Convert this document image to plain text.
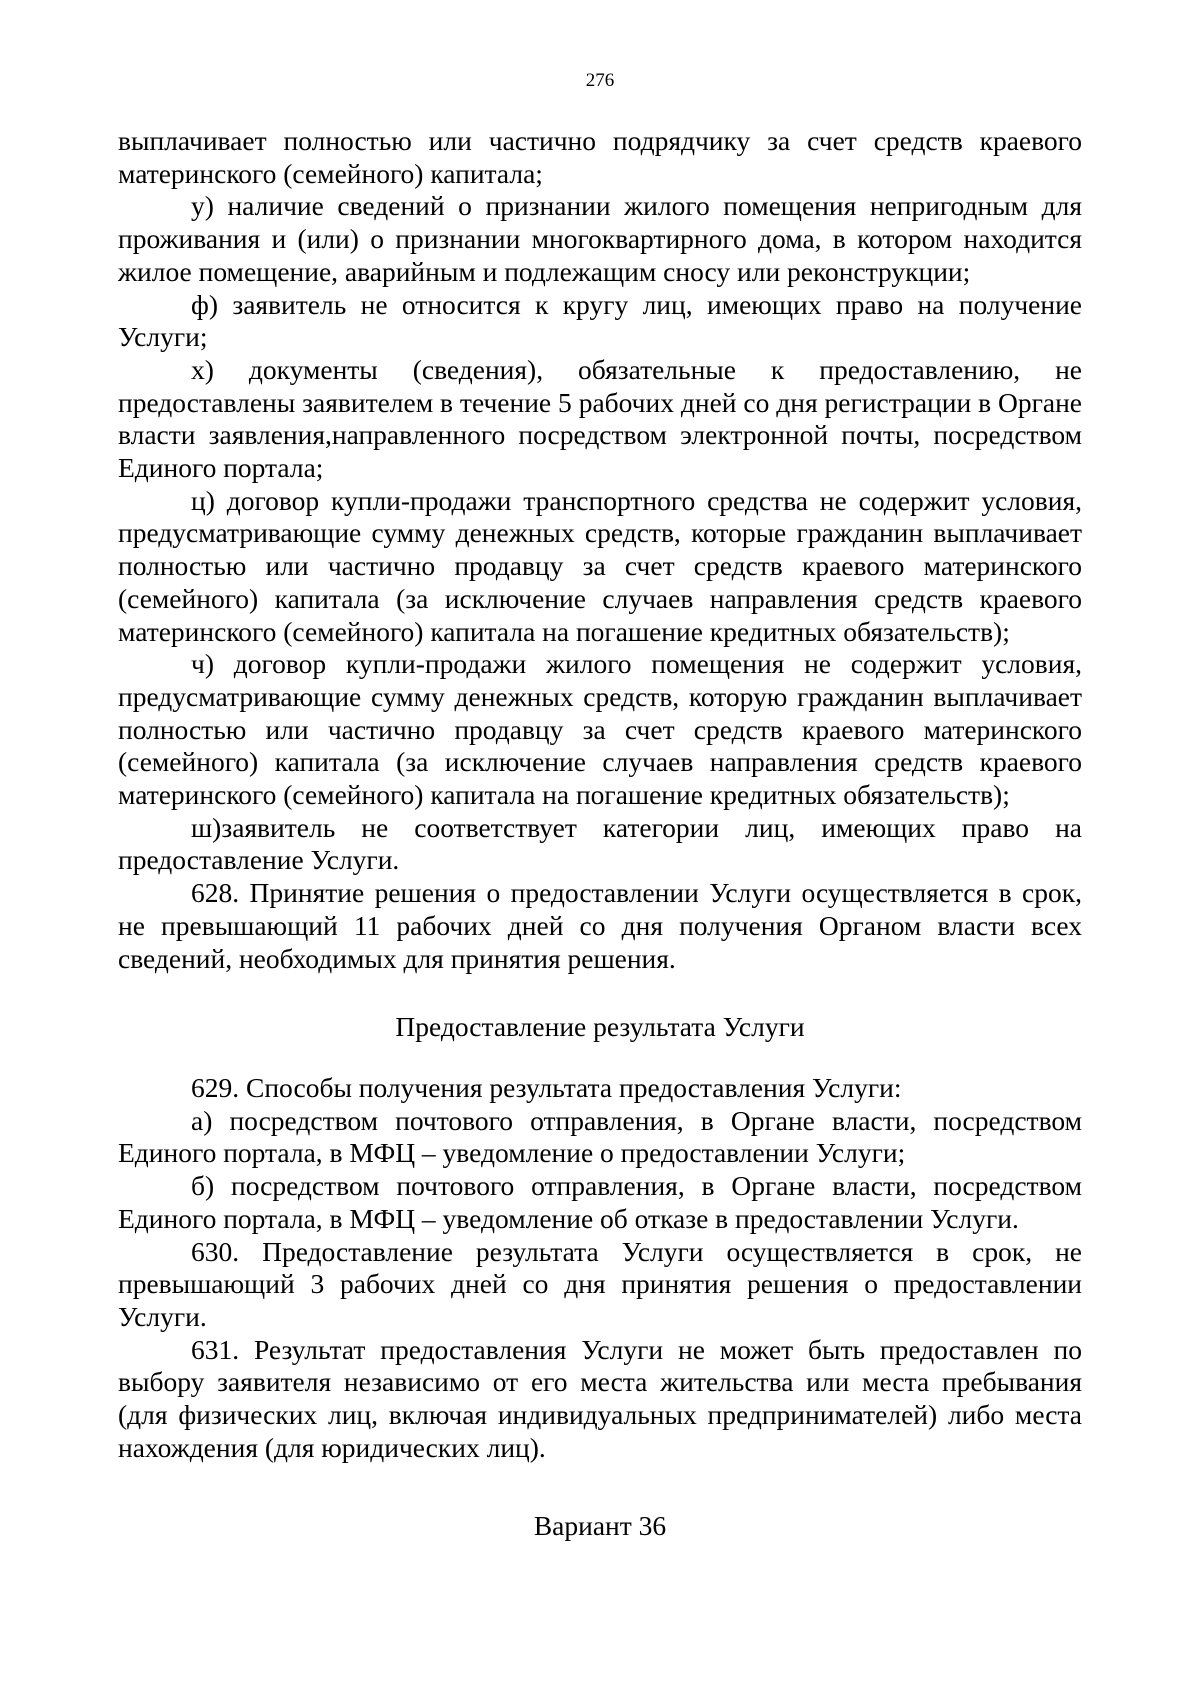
276

выплачивает полностью или частично подрядчику за счет средств краевого материнского (семейного) капитала;

у) наличие сведений о признании жилого помещения непригодным для проживания и (или) о признании многоквартирного дома, в котором находится жилое помещение, аварийным и подлежащим сносу или реконструкции;

ф) заявитель не относится к кругу лиц, имеющих право на получение Услуги;

х) документы (сведения), обязательные к предоставлению, не предоставлены заявителем в течение 5 рабочих дней со дня регистрации в Органе власти заявления,направленного посредством электронной почты, посредством Единого портала;

ц) договор купли-продажи транспортного средства не содержит условия, предусматривающие сумму денежных средств, которые гражданин выплачивает полностью или частично продавцу за счет средств краевого материнского (семейного) капитала (за исключение случаев направления средств краевого материнского (семейного) капитала на погашение кредитных обязательств);

ч) договор купли-продажи жилого помещения не содержит условия, предусматривающие сумму денежных средств, которую гражданин выплачивает полностью или частично продавцу за счет средств краевого материнского (семейного) капитала (за исключение случаев направления средств краевого материнского (семейного) капитала на погашение кредитных обязательств);

ш)заявитель не соответствует категории лиц, имеющих право на предоставление Услуги.

628. Принятие решения о предоставлении Услуги осуществляется в срок, не превышающий 11 рабочих дней со дня получения Органом власти всех сведений, необходимых для принятия решения.

Предоставление результата Услуги

629. Способы получения результата предоставления Услуги:

а) посредством почтового отправления, в Органе власти, посредством Единого портала, в МФЦ – уведомление о предоставлении Услуги;

б) посредством почтового отправления, в Органе власти, посредством Единого портала, в МФЦ – уведомление об отказе в предоставлении Услуги.

630. Предоставление результата Услуги осуществляется в срок, не превышающий 3 рабочих дней со дня принятия решения о предоставлении Услуги.

631. Результат предоставления Услуги не может быть предоставлен по выбору заявителя независимо от его места жительства или места пребывания (для физических лиц, включая индивидуальных предпринимателей) либо места нахождения (для юридических лиц).

Вариант 36
